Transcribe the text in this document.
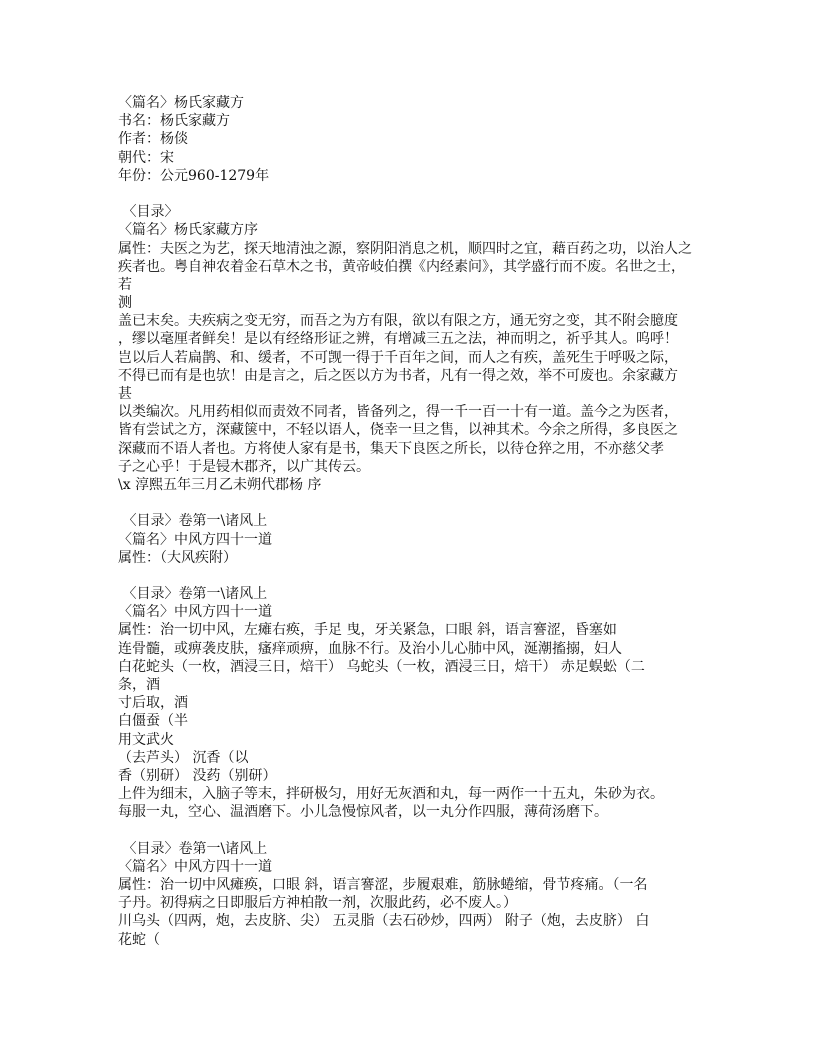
〈篇名〉杨氏家藏方
书名：杨氏家藏方
作者：杨倓
朝代：宋
年份：公元960-1279年
〈目录〉
〈篇名〉杨氏家藏方序
属性：夫医之为艺，探天地清浊之源，察阴阳消息之机，顺四时之宜，藉百药之功，以治人之
疾者也。粤自神农着金石草木之书，黄帝岐伯撰《内经素问》，其学盛行而不废。名世之士，
若
测
盖已末矣。夫疾病之变无穷，而吾之为方有限，欲以有限之方，通无穷之变，其不附会臆度
，缪以毫厘者鲜矣！是以有经络形证之辨，有增减三五之法，神而明之，祈乎其人。呜呼！
岂以后人若扁鹊、和、缓者，不可觊一得于千百年之间，而人之有疾，盖死生于呼吸之际，
不得已而有是也欤！由是言之，后之医以方为书者，凡有一得之效，举不可废也。余家藏方
甚
以类编次。凡用药相似而责效不同者，皆备列之，得一千一百一十有一道。盖今之为医者，
皆有尝试之方，深藏箧中，不轻以语人，侥幸一旦之售，以神其术。今余之所得，多良医之
深藏而不语人者也。方将使人家有是书，集天下良医之所长，以待仓猝之用，不亦慈父孝
子之心乎！于是锓木郡齐，以广其传云。
\x 淳熙五年三月乙未朔代郡杨 序
〈目录〉卷第一\诸风上
〈篇名〉中风方四十一道
属性：（大风疾附）
〈目录〉卷第一\诸风上
〈篇名〉中风方四十一道
属性：治一切中风，左瘫右痪，手足 曳，牙关紧急，口眼 斜，语言謇涩，昏塞如
连骨髓，或痹袭皮肤，瘙痒顽痹，血脉不行。及治小儿心肺中风，涎潮搐搦，妇人
白花蛇头（一枚，酒浸三日，焙干） 乌蛇头（一枚，酒浸三日，焙干） 赤足蜈蚣（二
条，酒
寸后取，酒
白僵蚕（半
用文武火
（去芦头） 沉香（以
香（别研） 没药（别研）
上件为细末，入脑子等末，拌研极匀，用好无灰酒和丸，每一两作一十五丸，朱砂为衣。
每服一丸，空心、温酒磨下。小儿急慢惊风者，以一丸分作四服，薄荷汤磨下。
〈目录〉卷第一\诸风上
〈篇名〉中风方四十一道
属性：治一切中风瘫痪，口眼 斜，语言謇涩，步履艰难，筋脉蜷缩，骨节疼痛。（一名
子丹。初得病之日即服后方神柏散一剂，次服此药，必不废人。）
川乌头（四两，炮，去皮脐、尖） 五灵脂（去石砂炒，四两） 附子（炮，去皮脐） 白
花蛇（
